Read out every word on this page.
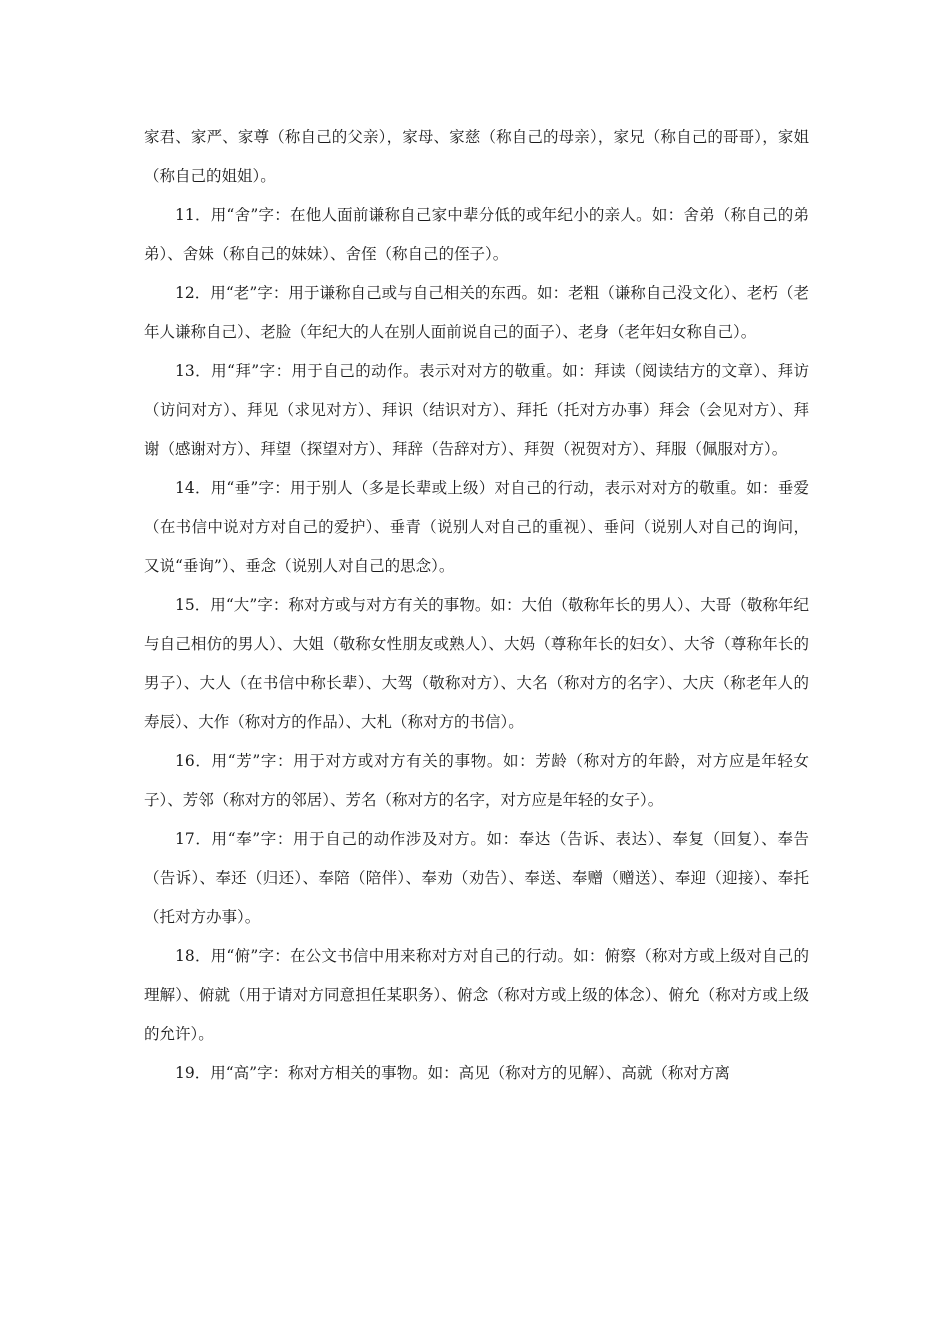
家君、家严、家尊（称自己的父亲），家母、家慈（称自己的母亲），家兄（称自己的哥哥），家姐（称自己的姐姐）。

11．用“舍”字：在他人面前谦称自己家中辈分低的或年纪小的亲人。如：舍弟（称自己的弟弟）、舍妹（称自己的妹妹）、舍侄（称自己的侄子）。

12．用“老”字：用于谦称自己或与自己相关的东西。如：老粗（谦称自己没文化）、老朽（老年人谦称自己）、老脸（年纪大的人在别人面前说自己的面子）、老身（老年妇女称自己）。

13．用“拜”字：用于自己的动作。表示对对方的敬重。如：拜读（阅读结方的文章）、拜访（访问对方）、拜见（求见对方）、拜识（结识对方）、拜托（托对方办事）拜会（会见对方）、拜谢（感谢对方）、拜望（探望对方）、拜辞（告辞对方）、拜贺（祝贺对方）、拜服（佩服对方）。

14．用“垂”字：用于别人（多是长辈或上级）对自己的行动，表示对对方的敬重。如：垂爱（在书信中说对方对自己的爱护）、垂青（说别人对自己的重视）、垂问（说别人对自己的询问，又说“垂询”）、垂念（说别人对自己的思念）。

15．用“大”字：称对方或与对方有关的事物。如：大伯（敬称年长的男人）、大哥（敬称年纪与自己相仿的男人）、大姐（敬称女性朋友或熟人）、大妈（尊称年长的妇女）、大爷（尊称年长的男子）、大人（在书信中称长辈）、大驾（敬称对方）、大名（称对方的名字）、大庆（称老年人的寿辰）、大作（称对方的作品）、大札（称对方的书信）。

16．用“芳”字：用于对方或对方有关的事物。如：芳龄（称对方的年龄，对方应是年轻女子）、芳邻（称对方的邻居）、芳名（称对方的名字，对方应是年轻的女子）。

17．用“奉”字：用于自己的动作涉及对方。如：奉达（告诉、表达）、奉复（回复）、奉告（告诉）、奉还（归还）、奉陪（陪伴）、奉劝（劝告）、奉送、奉赠（赠送）、奉迎（迎接）、奉托（托对方办事）。

18．用“俯”字：在公文书信中用来称对方对自己的行动。如：俯察（称对方或上级对自己的理解）、俯就（用于请对方同意担任某职务）、俯念（称对方或上级的体念）、俯允（称对方或上级的允许）。

19．用“高”字：称对方相关的事物。如：高见（称对方的见解）、高就（称对方离
